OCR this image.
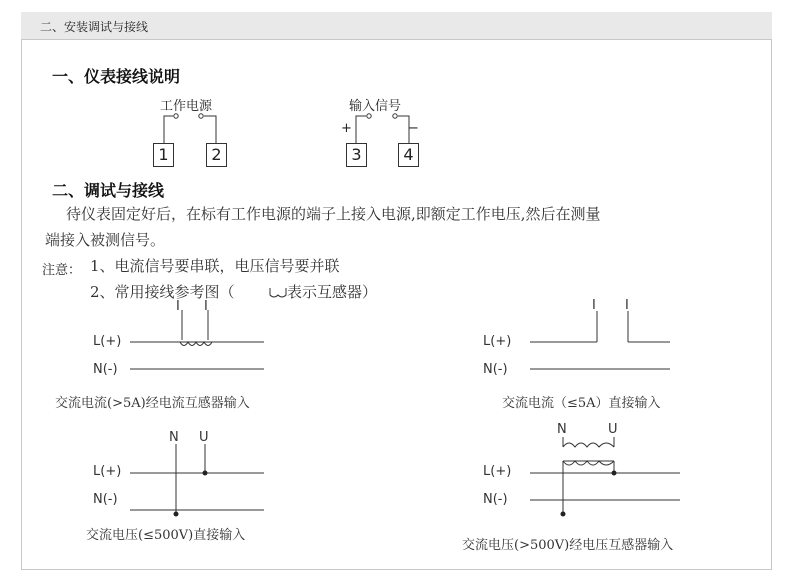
二、安装调试与接线
一、仪表接线说明
工作电源	输入信号
+	−
1	2	3	4
二、调试与接线
待仪表固定好后，在标有工作电源的端子上接入电源,即额定工作电压,然后在测量
端接入被测信号。
注意： 1、电流信号要串联，电压信号要并联
2、常用接线参考图（	表示互感器）
L(+)
N(-)
I I
交流电流(>5A)经电流互感器输入
L(+)
N(-)
I I
交流电流（≤5A）直接输入
L(+)
N(-)
N U
交流电压(≤500V)直接输入
L(+)
N(-)
N	U
交流电压(>500V)经电压互感器输入
